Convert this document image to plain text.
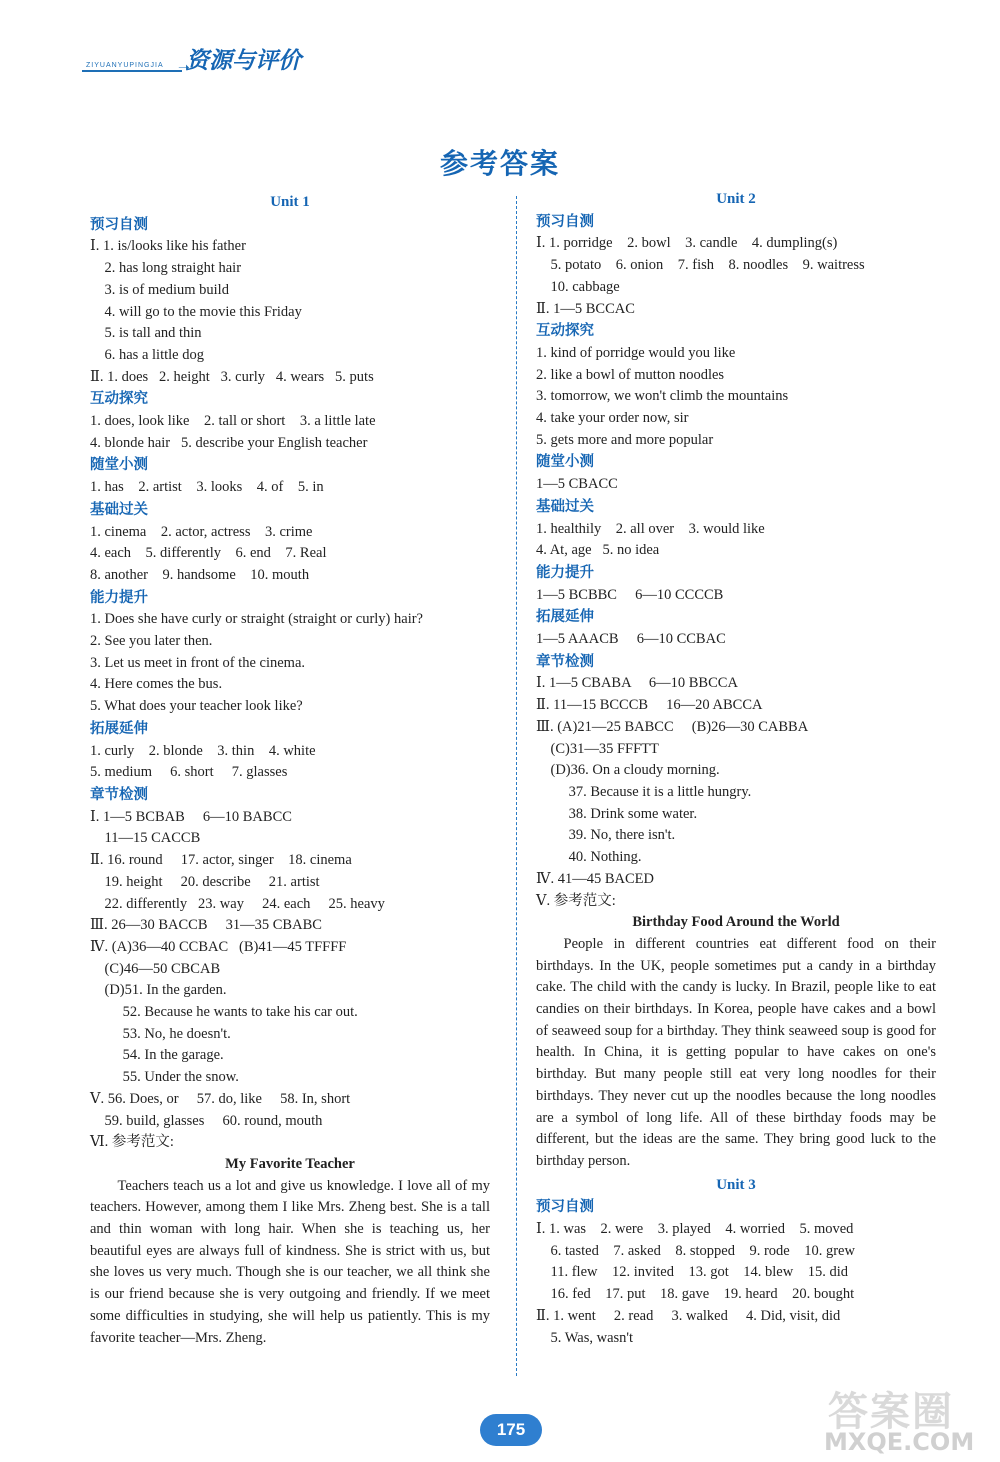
ZIYUANYUPINGJIA ➝
资源与评价
参考答案
Unit 1
预习自测
Ⅰ. 1. is/looks like his father
2. has long straight hair
3. is of medium build
4. will go to the movie this Friday
5. is tall and thin
6. has a little dog
Ⅱ. 1. does   2. height   3. curly   4. wears   5. puts
互动探究
1. does, look like    2. tall or short    3. a little late
4. blonde hair   5. describe your English teacher
随堂小测
1. has    2. artist    3. looks    4. of    5. in
基础过关
1. cinema    2. actor, actress    3. crime
4. each    5. differently    6. end    7. Real
8. another    9. handsome    10. mouth
能力提升
1. Does she have curly or straight (straight or curly) hair?
2. See you later then.
3. Let us meet in front of the cinema.
4. Here comes the bus.
5. What does your teacher look like?
拓展延伸
1. curly    2. blonde    3. thin    4. white
5. medium     6. short     7. glasses
章节检测
Ⅰ. 1—5 BCBAB     6—10 BABCC
11—15 CACCB
Ⅱ. 16. round     17. actor, singer    18. cinema
19. height     20. describe     21. artist
22. differently   23. way     24. each     25. heavy
Ⅲ. 26—30 BACCB     31—35 CBABC
Ⅳ. (A)36—40 CCBAC   (B)41—45 TFFFF
(C)46—50 CBCAB
(D)51. In the garden.
52. Because he wants to take his car out.
53. No, he doesn't.
54. In the garage.
55. Under the snow.
Ⅴ. 56. Does, or     57. do, like     58. In, short
59. build, glasses     60. round, mouth
Ⅵ. 参考范文:
My Favorite Teacher
Teachers teach us a lot and give us knowledge. I love all of my teachers. However, among them I like Mrs. Zheng best. She is a tall and thin woman with long hair. When she is teaching us, her beautiful eyes are always full of kindness. She is strict with us, but she loves us very much. Though she is our teacher, we all think she is our friend because she is very outgoing and friendly. If we meet some difficulties in studying, she will help us patiently. This is my favorite teacher—Mrs. Zheng.
Unit 2
预习自测
Ⅰ. 1. porridge    2. bowl    3. candle    4. dumpling(s)
5. potato    6. onion    7. fish    8. noodles    9. waitress
10. cabbage
Ⅱ. 1—5 BCCAC
互动探究
1. kind of porridge would you like
2. like a bowl of mutton noodles
3. tomorrow, we won't climb the mountains
4. take your order now, sir
5. gets more and more popular
随堂小测
1—5 CBACC
基础过关
1. healthily    2. all over    3. would like
4. At, age   5. no idea
能力提升
1—5 BCBBC     6—10 CCCCB
拓展延伸
1—5 AAACB     6—10 CCBAC
章节检测
Ⅰ. 1—5 CBABA     6—10 BBCCA
Ⅱ. 11—15 BCCCB     16—20 ABCCA
Ⅲ. (A)21—25 BABCC     (B)26—30 CABBA
(C)31—35 FFFTT
(D)36. On a cloudy morning.
37. Because it is a little hungry.
38. Drink some water.
39. No, there isn't.
40. Nothing.
Ⅳ. 41—45 BACED
Ⅴ. 参考范文:
Birthday Food Around the World
People in different countries eat different food on their birthdays. In the UK, people sometimes put a candy in a birthday cake. The child with the candy is lucky. In Brazil, people like to eat candies on their birthdays. In Korea, people have cakes and a bowl of seaweed soup for a birthday. They think seaweed soup is good for health. In China, it is getting popular to have cakes on one's birthday. But many people still eat very long noodles for their birthdays. They never cut up the noodles because the long noodles are a symbol of long life. All of these birthday foods may be different, but the ideas are the same. They bring good luck to the birthday person.
Unit 3
预习自测
Ⅰ. 1. was    2. were    3. played    4. worried    5. moved
6. tasted    7. asked    8. stopped    9. rode    10. grew
11. flew    12. invited    13. got    14. blew    15. did
16. fed    17. put    18. gave    19. heard    20. bought
Ⅱ. 1. went     2. read     3. walked     4. Did, visit, did
5. Was, wasn't
175	答案圈
MXQE.COM
